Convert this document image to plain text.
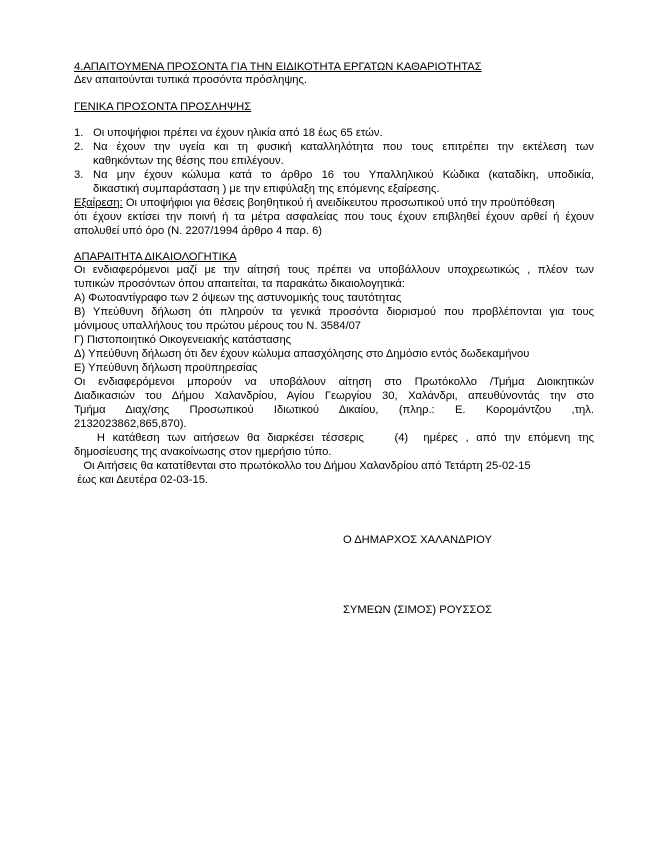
4.ΑΠΑΙΤΟΥΜΕΝΑ ΠΡΟΣΟΝΤΑ ΓΙΑ ΤΗΝ ΕΙΔΙΚΟΤΗΤΑ ΕΡΓΑΤΩΝ ΚΑΘΑΡΙΟΤΗΤΑΣ
Δεν απαιτούνται τυπικά προσόντα πρόσληψης.
ΓΕΝΙΚΑ ΠΡΟΣΟΝΤΑ ΠΡΟΣΛΗΨΗΣ
1. Οι υποψήφιοι πρέπει να έχουν ηλικία από 18 έως 65 ετών.
2. Να έχουν την υγεία και τη φυσική καταλληλότητα που τους επιτρέπει την εκτέλεση των
καθηκόντων της θέσης που επιλέγουν.
3. Να μην έχουν κώλυμα κατά το άρθρο 16 του Υπαλληλικού Κώδικα (καταδίκη, υποδικία,
δικαστική συμπαράσταση ) με την επιφύλαξη της επόμενης εξαίρεσης.
Εξαίρεση: Οι υποψήφιοι για θέσεις βοηθητικού ή ανειδίκευτου προσωπικού υπό την προϋπόθεση
ότι έχουν εκτίσει την ποινή ή τα μέτρα ασφαλείας που τους έχουν επιβληθεί έχουν αρθεί ή έχουν
απολυθεί υπό όρο (Ν. 2207/1994 άρθρο 4 παρ. 6)
ΑΠΑΡΑΙΤΗΤΑ ΔΙΚΑΙΟΛΟΓΗΤΙΚΑ
Οι ενδιαφερόμενοι μαζί με την αίτησή τους πρέπει να υποβάλλουν υποχρεωτικώς , πλέον των
τυπικών προσόντων όπου απαιτείται, τα παρακάτω δικαιολογητικά:
Α) Φωτοαντίγραφο των 2 όψεων της αστυνομικής τους ταυτότητας
Β) Υπεύθυνη δήλωση ότι πληρούν τα γενικά προσόντα διορισμού που προβλέπονται για τους
μόνιμους υπαλλήλους του πρώτου μέρους του Ν. 3584/07
Γ) Πιστοποιητικό Οικογενειακής κατάστασης
Δ) Υπεύθυνη δήλωση ότι δεν έχουν κώλυμα απασχόλησης στο Δημόσιο εντός δωδεκαμήνου
Ε) Υπεύθυνη δήλωση προϋπηρεσίας
Οι ενδιαφερόμενοι μπορούν να υποβάλουν αίτηση στο Πρωτόκολλο /Τμήμα Διοικητικών
Διαδικασιών του Δήμου Χαλανδρίου, Αγίου Γεωργίου 30, Χαλάνδρι, απευθύνοντάς την στο
Τμήμα Διαχ/σης Προσωπικού Ιδιωτικού Δικαίου, (πληρ.: Ε. Κορομάντζου ,τηλ.
2132023862,865,870).
Η κατάθεση των αιτήσεων θα διαρκέσει τέσσερις    (4)  ημέρες , από την επόμενη της
δημοσίευσης της ανακοίνωσης στον ημερήσιο τύπο.
Οι Αιτήσεις θα κατατίθενται στο πρωτόκολλο του Δήμου Χαλανδρίου από Τετάρτη 25-02-15
έως και Δευτέρα 02-03-15.
Ο ΔΗΜΑΡΧΟΣ ΧΑΛΑΝΔΡΙΟΥ
ΣΥΜΕΩΝ (ΣΙΜΟΣ) ΡΟΥΣΣΟΣ
